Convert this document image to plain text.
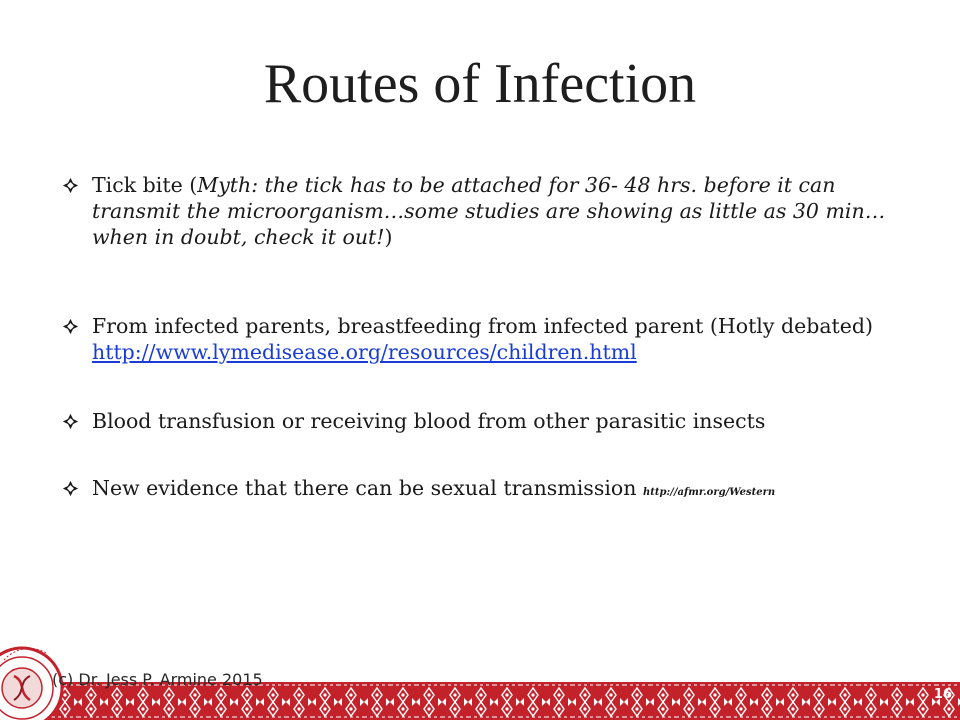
Routes of Infection
Tick bite (Myth: the tick has to be attached for 36- 48 hrs. before it can transmit the microorganism…some studies are showing as little as 30 min…when in doubt, check it out!)
From infected parents, breastfeeding from infected parent (Hotly debated) http://www.lymedisease.org/resources/children.html
Blood transfusion or receiving blood from other parasitic insects
New evidence that there can be sexual transmission http://afmr.org/Western
(c) Dr. Jess P. Armine 2015
16
